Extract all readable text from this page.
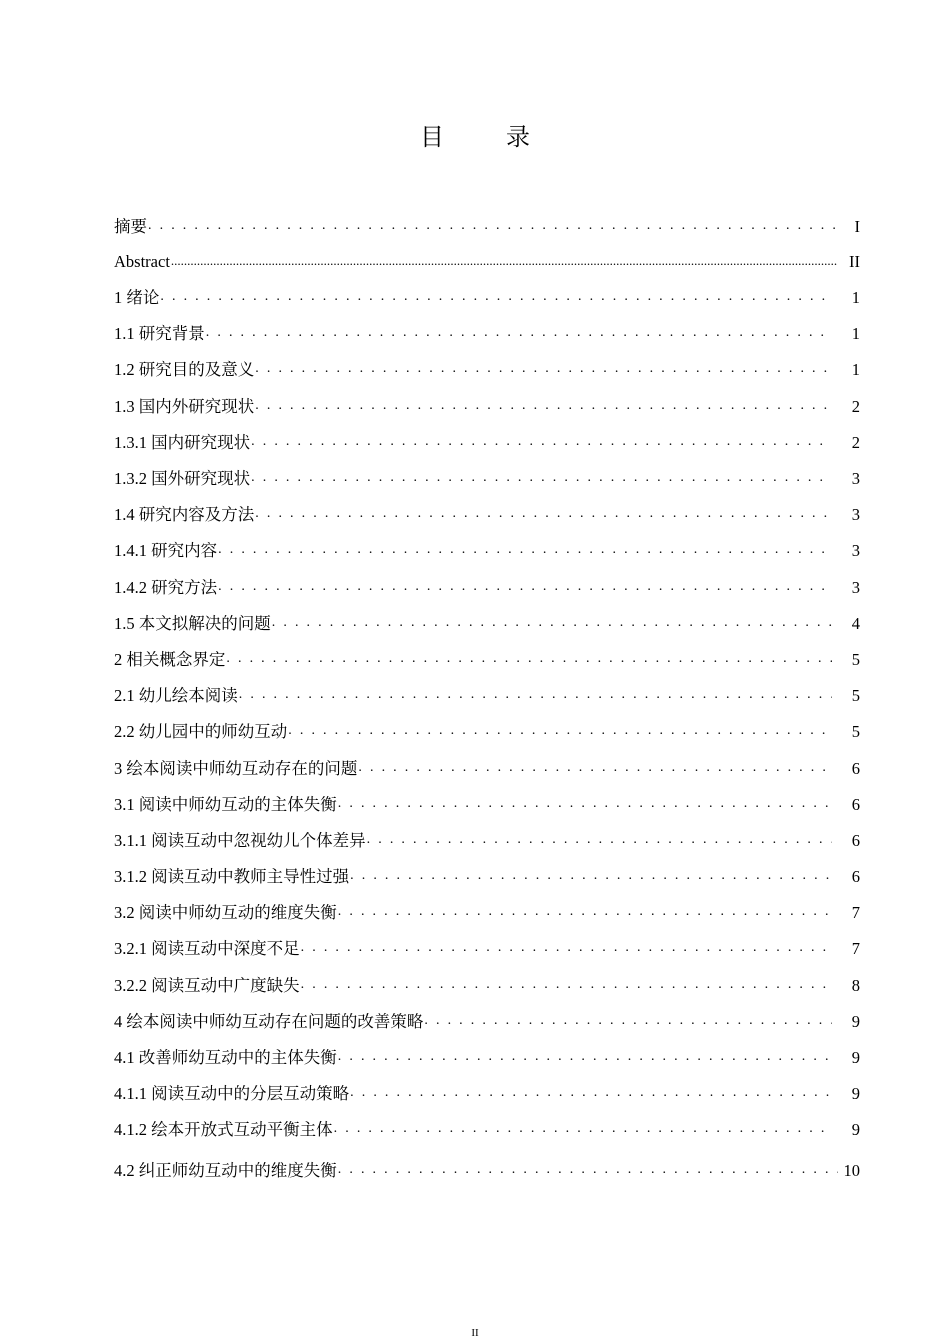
目 录
摘要 . . .	I
Abstract .....	II
1 绪论 . . .	1
1.1 研究背景 . . .	1
1.2 研究目的及意义 . . .	1
1.3 国内外研究现状 . . .	2
1.3.1 国内研究现状 . . .	2
1.3.2 国外研究现状 . . .	3
1.4 研究内容及方法 . . .	3
1.4.1 研究内容 . . .	3
1.4.2 研究方法 . . .	3
1.5 本文拟解决的问题 . . .	4
2 相关概念界定 . . .	5
2.1 幼儿绘本阅读 . . .	5
2.2 幼儿园中的师幼互动 . . .	5
3 绘本阅读中师幼互动存在的问题 . . .	6
3.1 阅读中师幼互动的主体失衡 . . .	6
3.1.1 阅读互动中忽视幼儿个体差异 . . .	6
3.1.2 阅读互动中教师主导性过强 . . .	6
3.2 阅读中师幼互动的维度失衡 . . .	7
3.2.1 阅读互动中深度不足 . . .	7
3.2.2 阅读互动中广度缺失 . . .	8
4 绘本阅读中师幼互动存在问题的改善策略 . . .	9
4.1 改善师幼互动中的主体失衡 . . .	9
4.1.1 阅读互动中的分层互动策略 . . .	9
4.1.2 绘本开放式互动平衡主体 . . .	9
4.2 纠正师幼互动中的维度失衡 . . .	10
II
